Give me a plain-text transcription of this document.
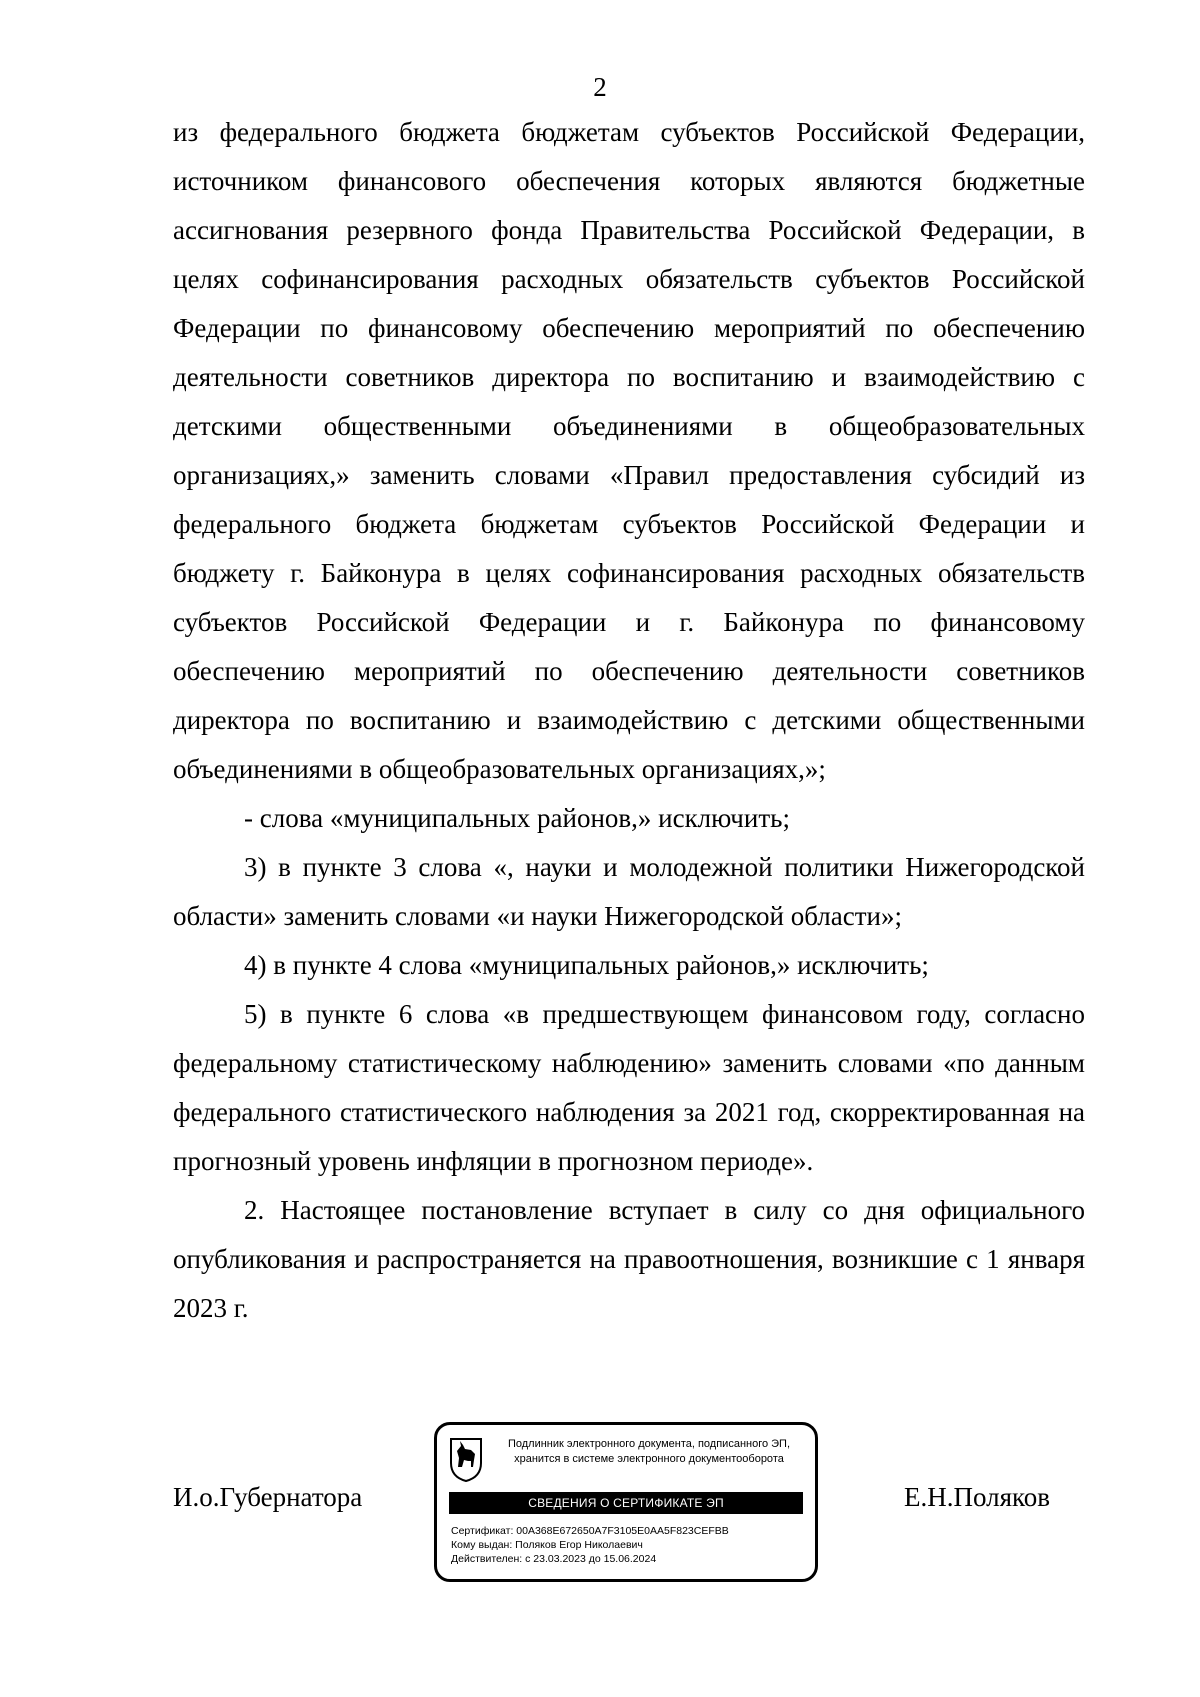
2

из федерального бюджета бюджетам субъектов Российской Федерации, источником финансового обеспечения которых являются бюджетные ассигнования резервного фонда Правительства Российской Федерации, в целях софинансирования расходных обязательств субъектов Российской Федерации по финансовому обеспечению мероприятий по обеспечению деятельности советников директора по воспитанию и взаимодействию с детскими общественными объединениями в общеобразовательных организациях,» заменить словами «Правил предоставления субсидий из федерального бюджета бюджетам субъектов Российской Федерации и бюджету г. Байконура в целях софинансирования расходных обязательств субъектов Российской Федерации и г. Байконура по финансовому обеспечению мероприятий по обеспечению деятельности советников директора по воспитанию и взаимодействию с детскими общественными объединениями в общеобразовательных организациях,»;

- слова «муниципальных районов,» исключить;

3) в пункте 3 слова «, науки и молодежной политики Нижегородской области» заменить словами «и науки Нижегородской области»;

4) в пункте 4 слова «муниципальных районов,» исключить;

5) в пункте 6 слова «в предшествующем финансовом году, согласно федеральному статистическому наблюдению» заменить словами «по данным федерального статистического наблюдения за 2021 год, скорректированная на прогнозный уровень инфляции в прогнозном периоде».

2. Настоящее постановление вступает в силу со дня официального опубликования и распространяется на правоотношения, возникшие с 1 января 2023 г.

И.о.Губернатора	Е.Н.Поляков
Подлинник электронного документа, подписанного ЭП,
хранится в системе электронного документооборота
СВЕДЕНИЯ О СЕРТИФИКАТЕ ЭП
Сертификат: 00A368E672650A7F3105E0AA5F823CEFBB
Кому выдан: Поляков Егор Николаевич
Действителен: с 23.03.2023 до 15.06.2024
